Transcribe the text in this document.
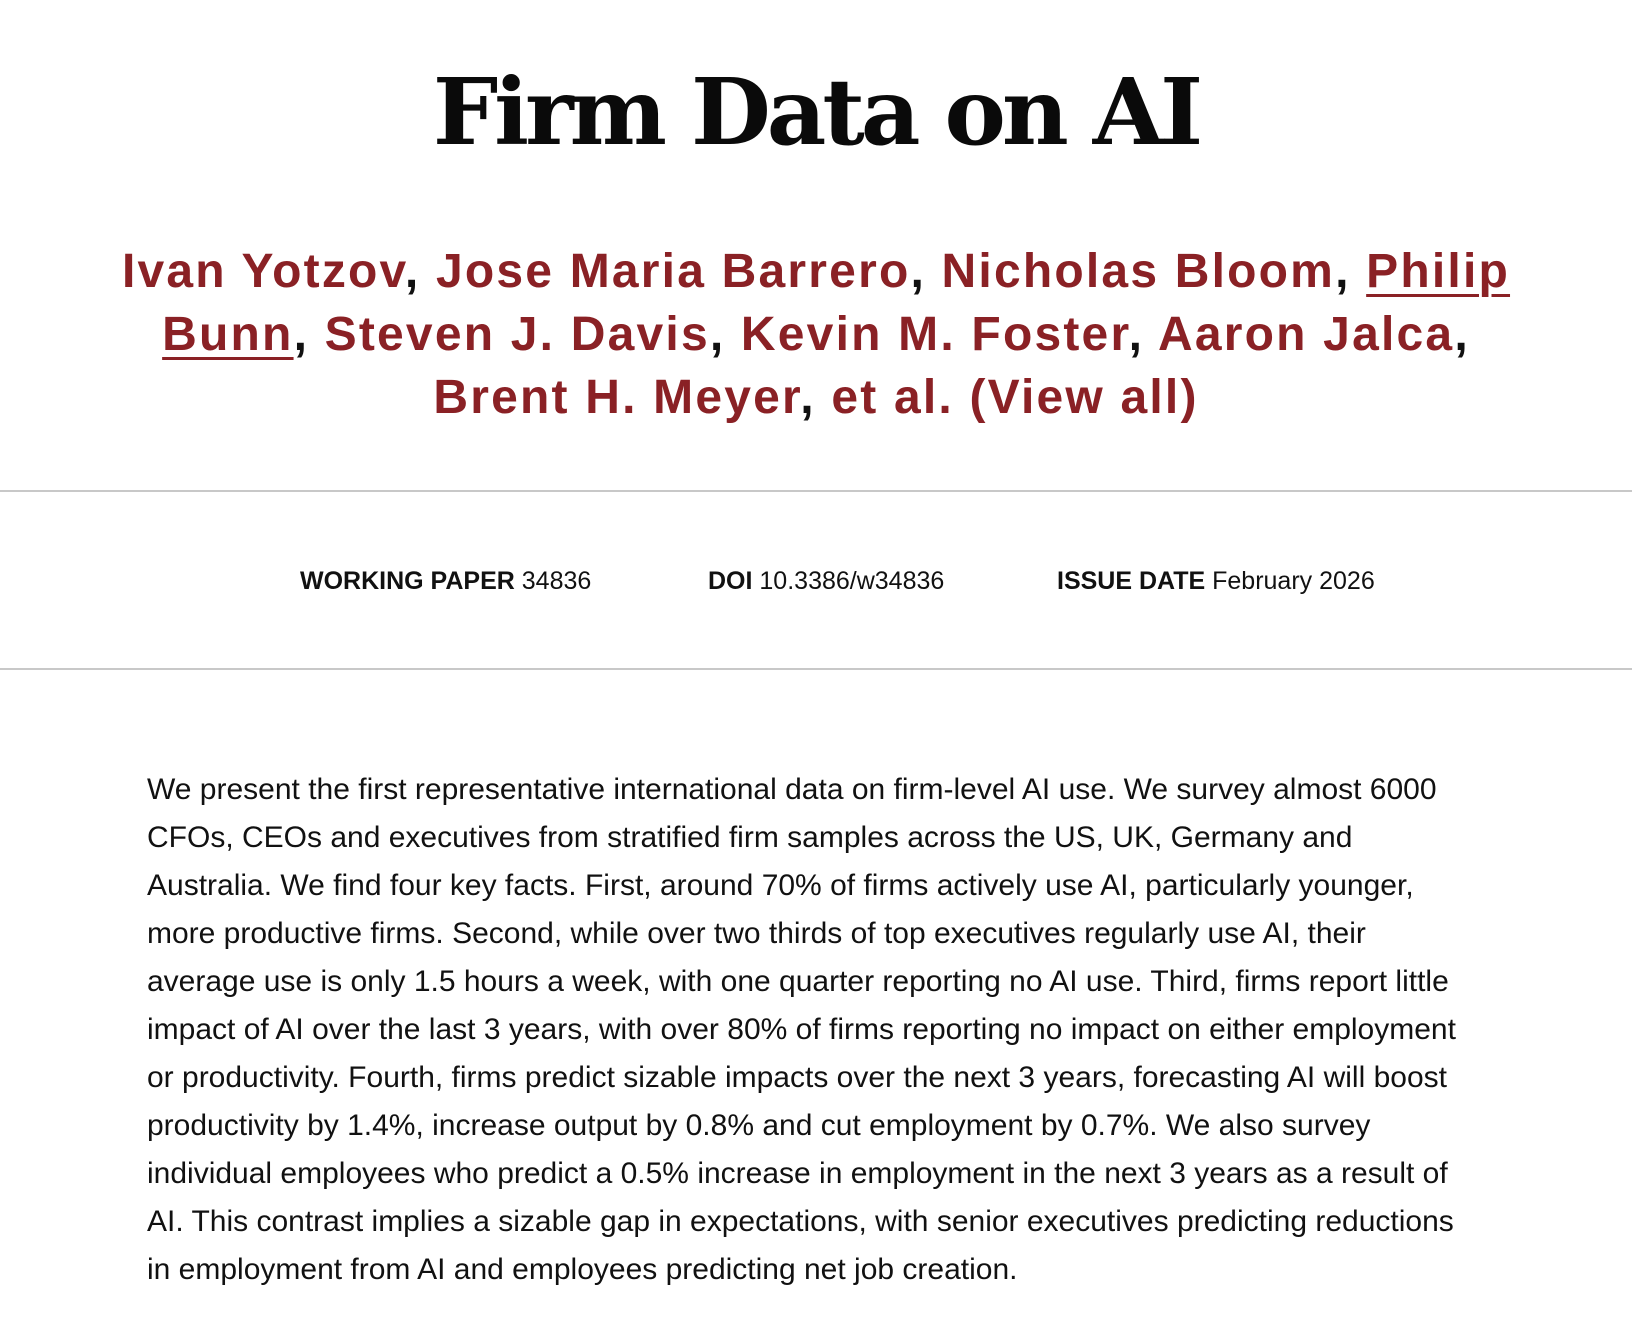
Firm Data on AI
Ivan Yotzov, Jose Maria Barrero, Nicholas Bloom, Philip Bunn, Steven J. Davis, Kevin M. Foster, Aaron Jalca,
Brent H. Meyer, et al. (View all)
WORKING PAPER 34836	DOI 10.3386/w34836	ISSUE DATE February 2026
We present the first representative international data on firm-level AI use. We survey almost 6000
CFOs, CEOs and executives from stratified firm samples across the US, UK, Germany and
Australia. We find four key facts. First, around 70% of firms actively use AI, particularly younger,
more productive firms. Second, while over two thirds of top executives regularly use AI, their
average use is only 1.5 hours a week, with one quarter reporting no AI use. Third, firms report little
impact of AI over the last 3 years, with over 80% of firms reporting no impact on either employment
or productivity. Fourth, firms predict sizable impacts over the next 3 years, forecasting AI will boost
productivity by 1.4%, increase output by 0.8% and cut employment by 0.7%. We also survey
individual employees who predict a 0.5% increase in employment in the next 3 years as a result of
AI. This contrast implies a sizable gap in expectations, with senior executives predicting reductions
in employment from AI and employees predicting net job creation.
